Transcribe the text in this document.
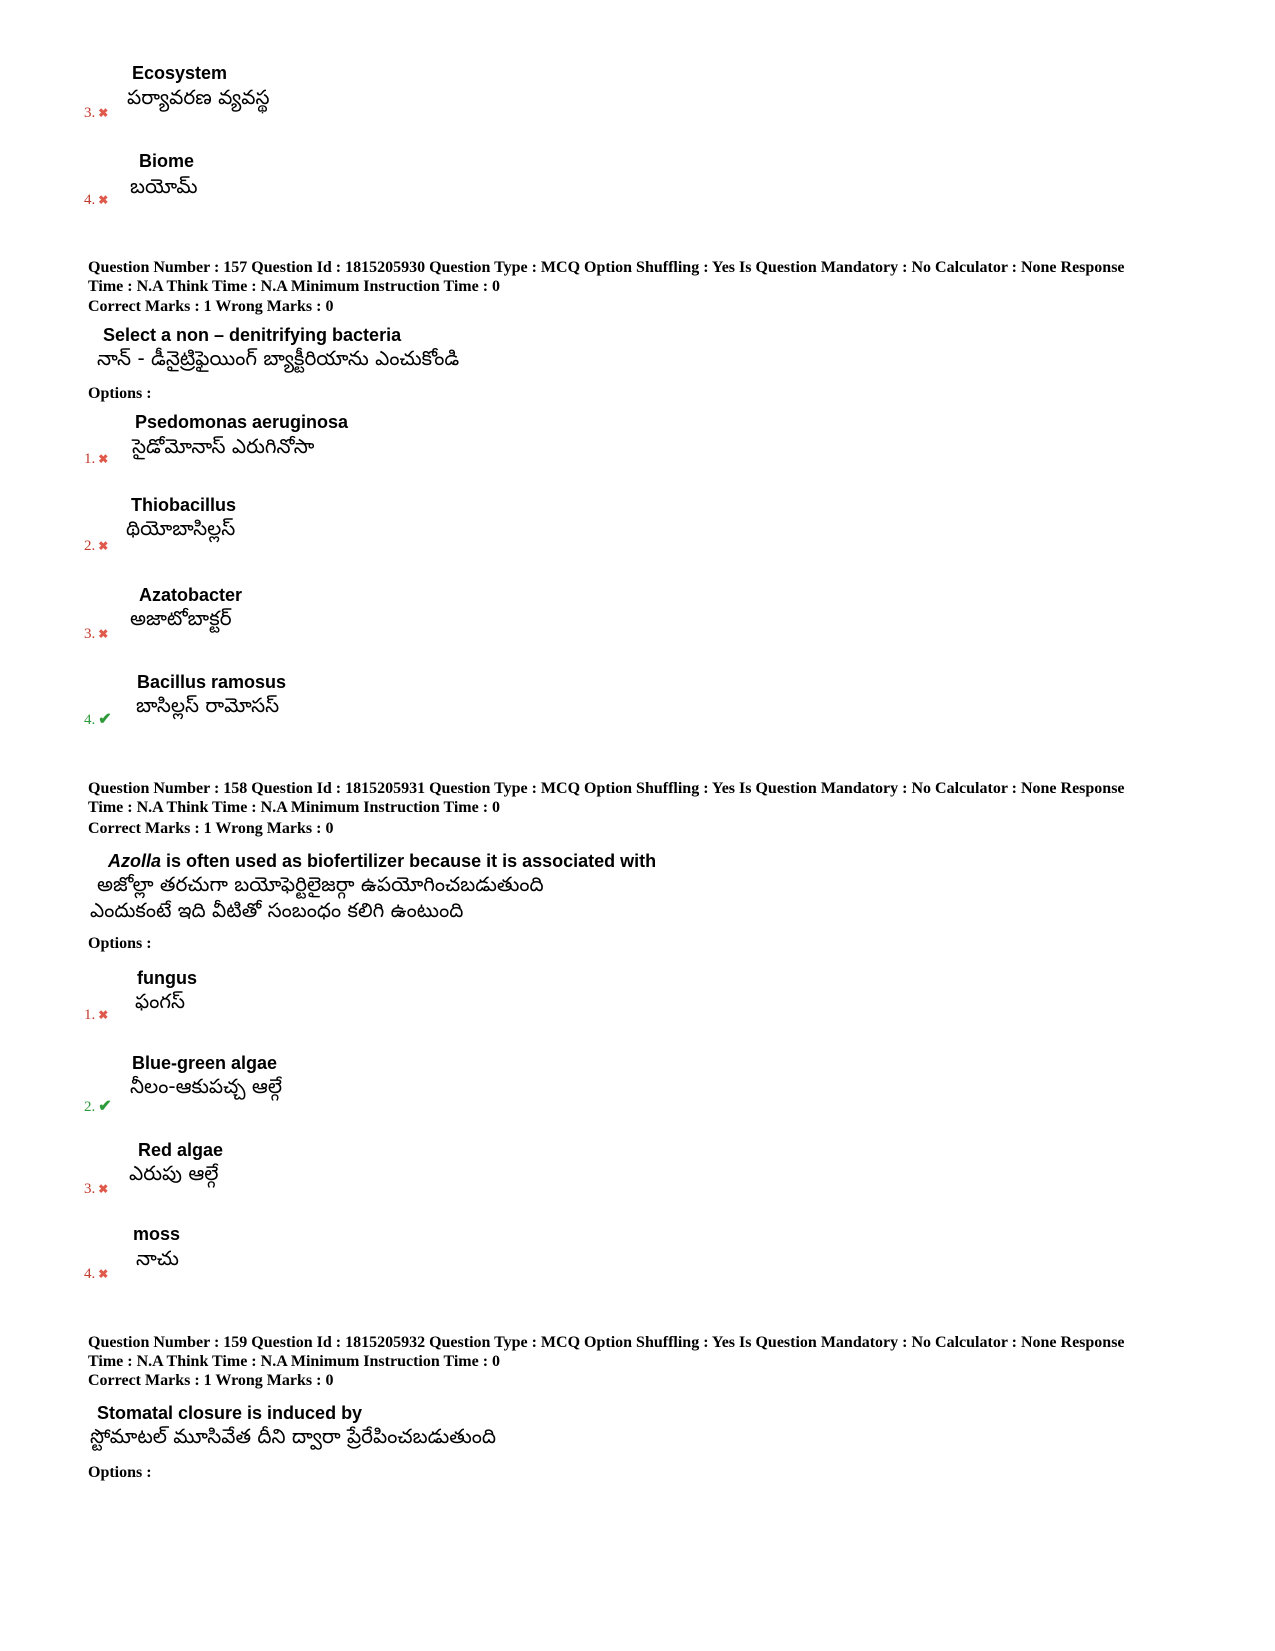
Ecosystem
పర్యావరణ వ్యవస్థ
3. ✖
Biome
బయోమ్
4. ✖
Question Number : 157 Question Id : 1815205930 Question Type : MCQ Option Shuffling : Yes Is Question Mandatory : No Calculator : None Response
Time : N.A Think Time : N.A Minimum Instruction Time : 0
Correct Marks : 1 Wrong Marks : 0
Select a non – denitrifying bacteria
నాన్ - డీనైట్రిఫైయింగ్ బ్యాక్టీరియాను ఎంచుకోండి
Options :
Psedomonas aeruginosa
సైడోమోనాస్ ఎరుగినోసా
1. ✖
Thiobacillus
థియోబాసిల్లస్
2. ✖
Azatobacter
అజాటోబాక్టర్
3. ✖
Bacillus ramosus
బాసిల్లస్ రామోసస్
4. ✔
Question Number : 158 Question Id : 1815205931 Question Type : MCQ Option Shuffling : Yes Is Question Mandatory : No Calculator : None Response
Time : N.A Think Time : N.A Minimum Instruction Time : 0
Correct Marks : 1 Wrong Marks : 0
Azolla is often used as biofertilizer because it is associated with
అజోల్లా తరచుగా బయోఫెర్టిలైజర్గా ఉపయోగించబడుతుంది
ఎందుకంటే ఇది వీటితో సంబంధం కలిగి ఉంటుంది
Options :
fungus
ఫంగస్
1. ✖
Blue-green algae
నీలం-ఆకుపచ్చ ఆల్గే
2. ✔
Red algae
ఎరుపు ఆల్గే
3. ✖
moss
నాచు
4. ✖
Question Number : 159 Question Id : 1815205932 Question Type : MCQ Option Shuffling : Yes Is Question Mandatory : No Calculator : None Response
Time : N.A Think Time : N.A Minimum Instruction Time : 0
Correct Marks : 1 Wrong Marks : 0
Stomatal closure is induced by
స్టోమాటల్ మూసివేత దీని ద్వారా ప్రేరేపించబడుతుంది
Options :
